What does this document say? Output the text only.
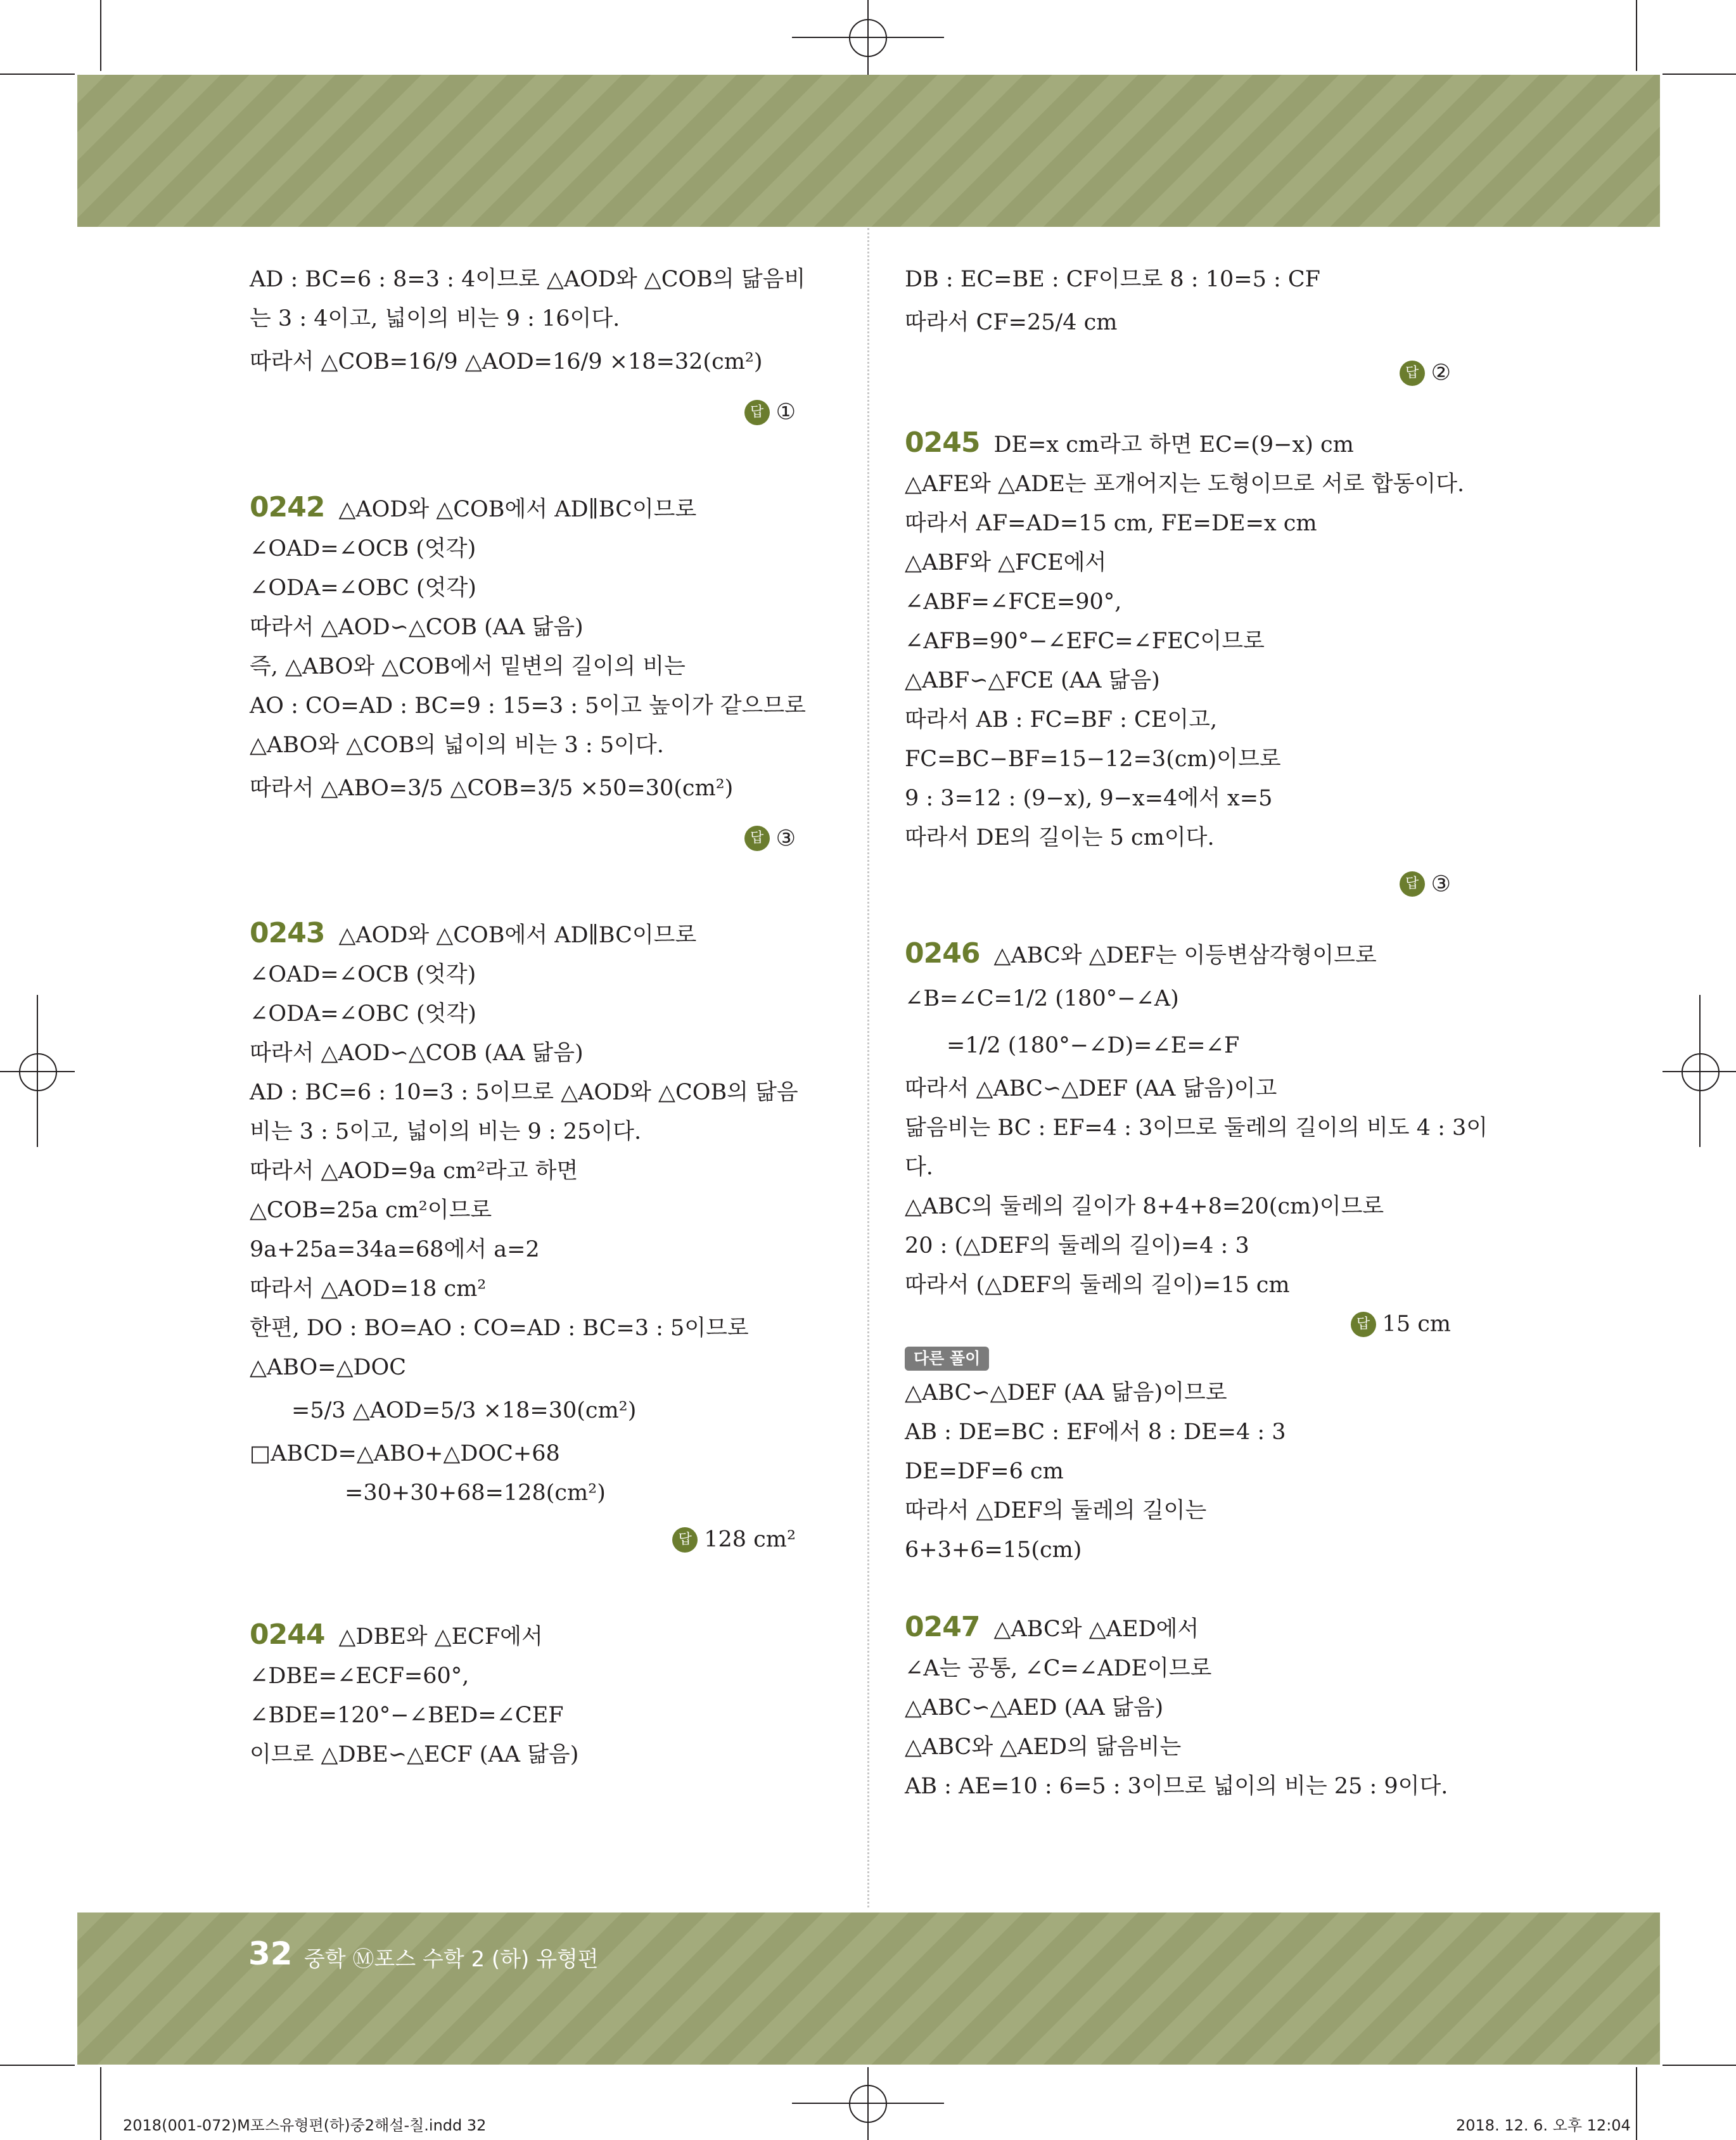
AD : BC=6 : 8=3 : 4이므로 △AOD와 △COB의 닮음비
는 3 : 4이고, 넓이의 비는 9 : 16이다.
따라서 △COB=16/9 △AOD=16/9 ×18=32(cm²)
답 ①
0242 △AOD와 △COB에서 AD∥BC이므로
∠OAD=∠OCB (엇각)
∠ODA=∠OBC (엇각)
따라서 △AOD∽△COB (AA 닮음)
즉, △ABO와 △COB에서 밑변의 길이의 비는
AO : CO=AD : BC=9 : 15=3 : 5이고 높이가 같으므로
△ABO와 △COB의 넓이의 비는 3 : 5이다.
따라서 △ABO=3/5 △COB=3/5 ×50=30(cm²)
답 ③
0243 △AOD와 △COB에서 AD∥BC이므로
∠OAD=∠OCB (엇각)
∠ODA=∠OBC (엇각)
따라서 △AOD∽△COB (AA 닮음)
AD : BC=6 : 10=3 : 5이므로 △AOD와 △COB의 닮음
비는 3 : 5이고, 넓이의 비는 9 : 25이다.
따라서 △AOD=9a cm²라고 하면
△COB=25a cm²이므로
9a+25a=34a=68에서 a=2
따라서 △AOD=18 cm²
한편, DO : BO=AO : CO=AD : BC=3 : 5이므로
△ABO=△DOC
=5/3 △AOD=5/3 ×18=30(cm²)
□ABCD=△ABO+△DOC+68
=30+30+68=128(cm²)
답 128 cm²
0244 △DBE와 △ECF에서
∠DBE=∠ECF=60°,
∠BDE=120°−∠BED=∠CEF
이므로 △DBE∽△ECF (AA 닮음)
DB : EC=BE : CF이므로 8 : 10=5 : CF
따라서 CF=25/4 cm
답 ②
0245 DE=x cm라고 하면 EC=(9−x) cm
△AFE와 △ADE는 포개어지는 도형이므로 서로 합동이다.
따라서 AF=AD=15 cm, FE=DE=x cm
△ABF와 △FCE에서
∠ABF=∠FCE=90°,
∠AFB=90°−∠EFC=∠FEC이므로
△ABF∽△FCE (AA 닮음)
따라서 AB : FC=BF : CE이고,
FC=BC−BF=15−12=3(cm)이므로
9 : 3=12 : (9−x), 9−x=4에서 x=5
따라서 DE의 길이는 5 cm이다.
답 ③
0246 △ABC와 △DEF는 이등변삼각형이므로
∠B=∠C=1/2 (180°−∠A)
=1/2 (180°−∠D)=∠E=∠F
따라서 △ABC∽△DEF (AA 닮음)이고
닮음비는 BC : EF=4 : 3이므로 둘레의 길이의 비도 4 : 3이
다.
△ABC의 둘레의 길이가 8+4+8=20(cm)이므로
20 : (△DEF의 둘레의 길이)=4 : 3
따라서 (△DEF의 둘레의 길이)=15 cm
답 15 cm
다른 풀이
△ABC∽△DEF (AA 닮음)이므로
AB : DE=BC : EF에서 8 : DE=4 : 3
DE=DF=6 cm
따라서 △DEF의 둘레의 길이는
6+3+6=15(cm)
0247 △ABC와 △AED에서
∠A는 공통, ∠C=∠ADE이므로
△ABC∽△AED (AA 닮음)
△ABC와 △AED의 닮음비는
AB : AE=10 : 6=5 : 3이므로 넓이의 비는 25 : 9이다.
32 중학 Ⓜ포스 수학 2 (하) 유형편
2018(001-072)M포스유형편(하)중2해설-칠.indd 32	2018. 12. 6. 오후 12:04
